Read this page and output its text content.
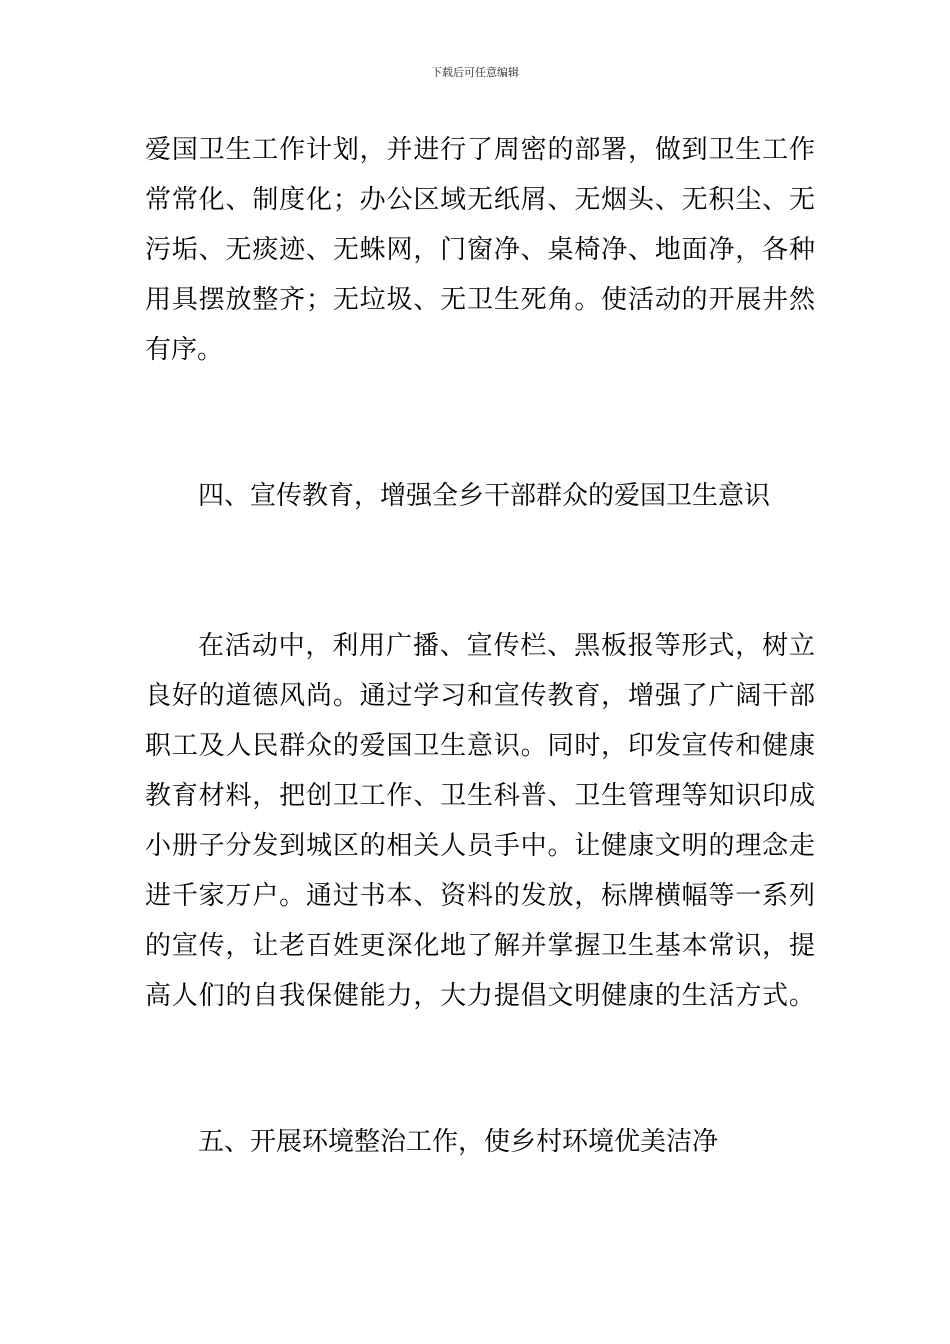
下载后可任意编辑
爱国卫生工作计划，并进行了周密的部署，做到卫生工作
常常化、制度化；办公区域无纸屑、无烟头、无积尘、无
污垢、无痰迹、无蛛网，门窗净、桌椅净、地面净，各种
用具摆放整齐；无垃圾、无卫生死角。使活动的开展井然
有序。
四、宣传教育，增强全乡干部群众的爱国卫生意识
在活动中，利用广播、宣传栏、黑板报等形式，树立
良好的道德风尚。通过学习和宣传教育，增强了广阔干部
职工及人民群众的爱国卫生意识。同时，印发宣传和健康
教育材料，把创卫工作、卫生科普、卫生管理等知识印成
小册子分发到城区的相关人员手中。让健康文明的理念走
进千家万户。通过书本、资料的发放，标牌横幅等一系列
的宣传，让老百姓更深化地了解并掌握卫生基本常识，提
高人们的自我保健能力，大力提倡文明健康的生活方式。
五、开展环境整治工作，使乡村环境优美洁净
